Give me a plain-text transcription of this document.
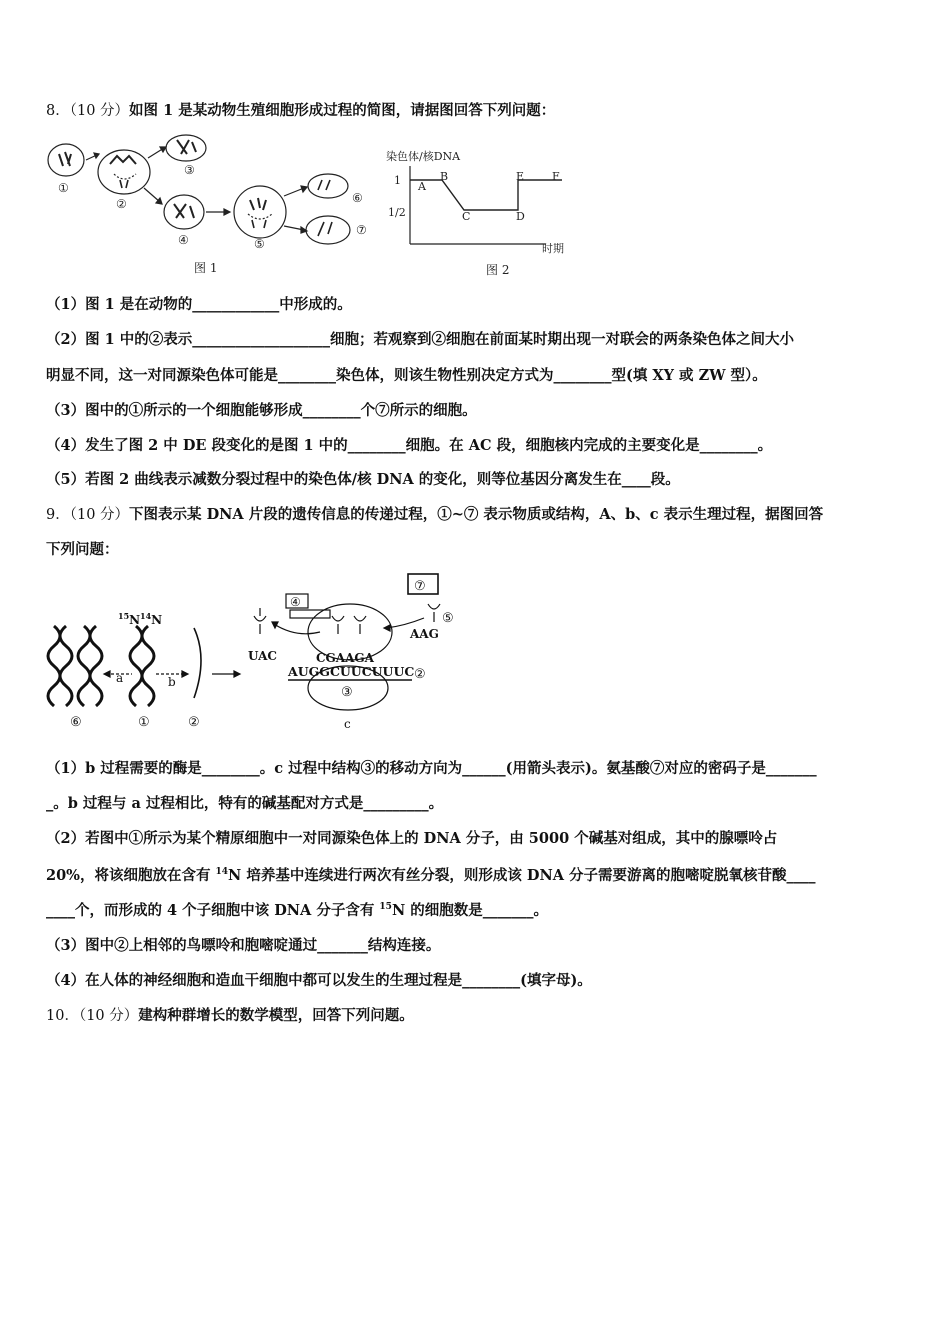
8．（10 分）如图 1 是某动物生殖细胞形成过程的简图，请据图回答下列问题：
①
②
③
④	⑤
⑥
⑦
图 1
染色体/核DNA
1
1/2
时期
A
B
C	D
E	F
图 2
（1）图 1 是在动物的____________中形成的。
（2）图 1 中的②表示___________________细胞；若观察到②细胞在前面某时期出现一对联会的两条染色体之间大小
明显不同，这一对同源染色体可能是________染色体，则该生物性别决定方式为________型(填 XY 或 ZW 型）。
（3）图中的①所示的一个细胞能够形成________个⑦所示的细胞。
（4）发生了图 2 中 DE 段变化的是图 1 中的________细胞。在 AC 段，细胞核内完成的主要变化是________。
（5）若图 2 曲线表示减数分裂过程中的染色体/核 DNA 的变化，则等位基因分离发生在____段。
9．（10 分）下图表示某 DNA 片段的遗传信息的传递过程，①~⑦ 表示物质或结构，A、b、c 表示生理过程，据图回答
下列问题：
$^{15}$N $^{14}$N
a	b
UAC	CGAAGA
AUGGCUUCUUUC
AAG
⑥	①	②
②
③
④
⑤
⑦
c
（1）b 过程需要的酶是________。c 过程中结构③的移动方向为______(用箭头表示)。氨基酸⑦对应的密码子是_______
_。b 过程与 a 过程相比，特有的碱基配对方式是_________。
（2）若图中①所示为某个精原细胞中一对同源染色体上的 DNA 分子，由 5000 个碱基对组成，其中的腺嘌呤占
20%，将该细胞放在含有 $^{14}$N 培养基中连续进行两次有丝分裂，则形成该 DNA 分子需要游离的胞嘧啶脱氧核苷酸____
____个，而形成的 4 个子细胞中该 DNA 分子含有 $^{15}$N 的细胞数是_______。
（3）图中②上相邻的鸟嘌呤和胞嘧啶通过_______结构连接。
（4）在人体的神经细胞和造血干细胞中都可以发生的生理过程是________(填字母)。
10．（10 分）建构种群增长的数学模型，回答下列问题。
